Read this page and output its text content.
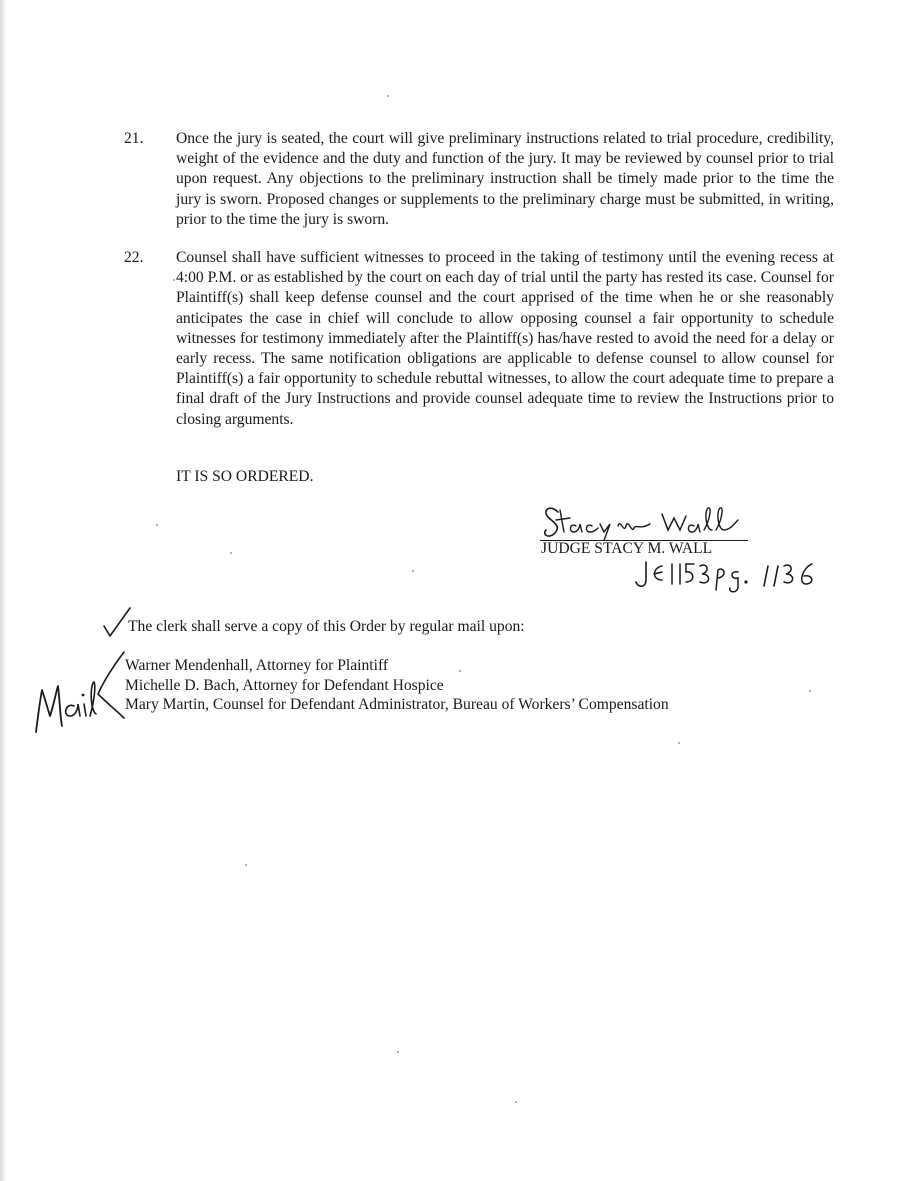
21. Once the jury is seated, the court will give preliminary instructions related to trial procedure, credibility, weight of the evidence and the duty and function of the jury. It may be reviewed by counsel prior to trial upon request. Any objections to the preliminary instruction shall be timely made prior to the time the jury is sworn. Proposed changes or supplements to the preliminary charge must be submitted, in writing, prior to the time the jury is sworn.
22. Counsel shall have sufficient witnesses to proceed in the taking of testimony until the evening recess at 4:00 P.M. or as established by the court on each day of trial until the party has rested its case. Counsel for Plaintiff(s) shall keep defense counsel and the court apprised of the time when he or she reasonably anticipates the case in chief will conclude to allow opposing counsel a fair opportunity to schedule witnesses for testimony immediately after the Plaintiff(s) has/have rested to avoid the need for a delay or early recess. The same notification obligations are applicable to defense counsel to allow counsel for Plaintiff(s) a fair opportunity to schedule rebuttal witnesses, to allow the court adequate time to prepare a final draft of the Jury Instructions and provide counsel adequate time to review the Instructions prior to closing arguments.
IT IS SO ORDERED.
JUDGE STACY M. WALL
The clerk shall serve a copy of this Order by regular mail upon:
Warner Mendenhall, Attorney for Plaintiff
Michelle D. Bach, Attorney for Defendant Hospice
Mary Martin, Counsel for Defendant Administrator, Bureau of Workers’ Compensation
